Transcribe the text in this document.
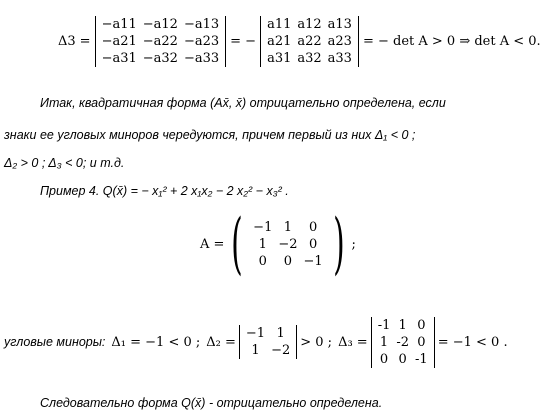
Δ 3 =
−a11	−a12	−a13
−a21	−a22	−a23
−a31	−a32	−a33
= −
a11	a12	a13
a21	a22	a23
a31	a32	a33
= − det A > 0 ⇒ det A < 0.
Итак, квадратичная форма (Ax̄, x̄) отрицательно определена, если
знаки ее угловых миноров чередуются, причем первый из них Δ₁ < 0 ;
Δ₂ > 0 ; Δ₃ < 0; и т.д.
Пример 4. Q(x̄) = − x₁² + 2 x₁x₂ − 2 x₂² − x₃² .
A = ( −1	1	0
1	−2	0
0	0	−1 ) ;
угловые миноры: Δ₁ = −1 < 0 ; Δ₂ =
−1	1
1	−2
> 0 ; Δ₃ =
-1	1	0
1	-2	0
0	0	-1
= −1 < 0 .
Следовательно форма Q(x̄) - отрицательно определена.
